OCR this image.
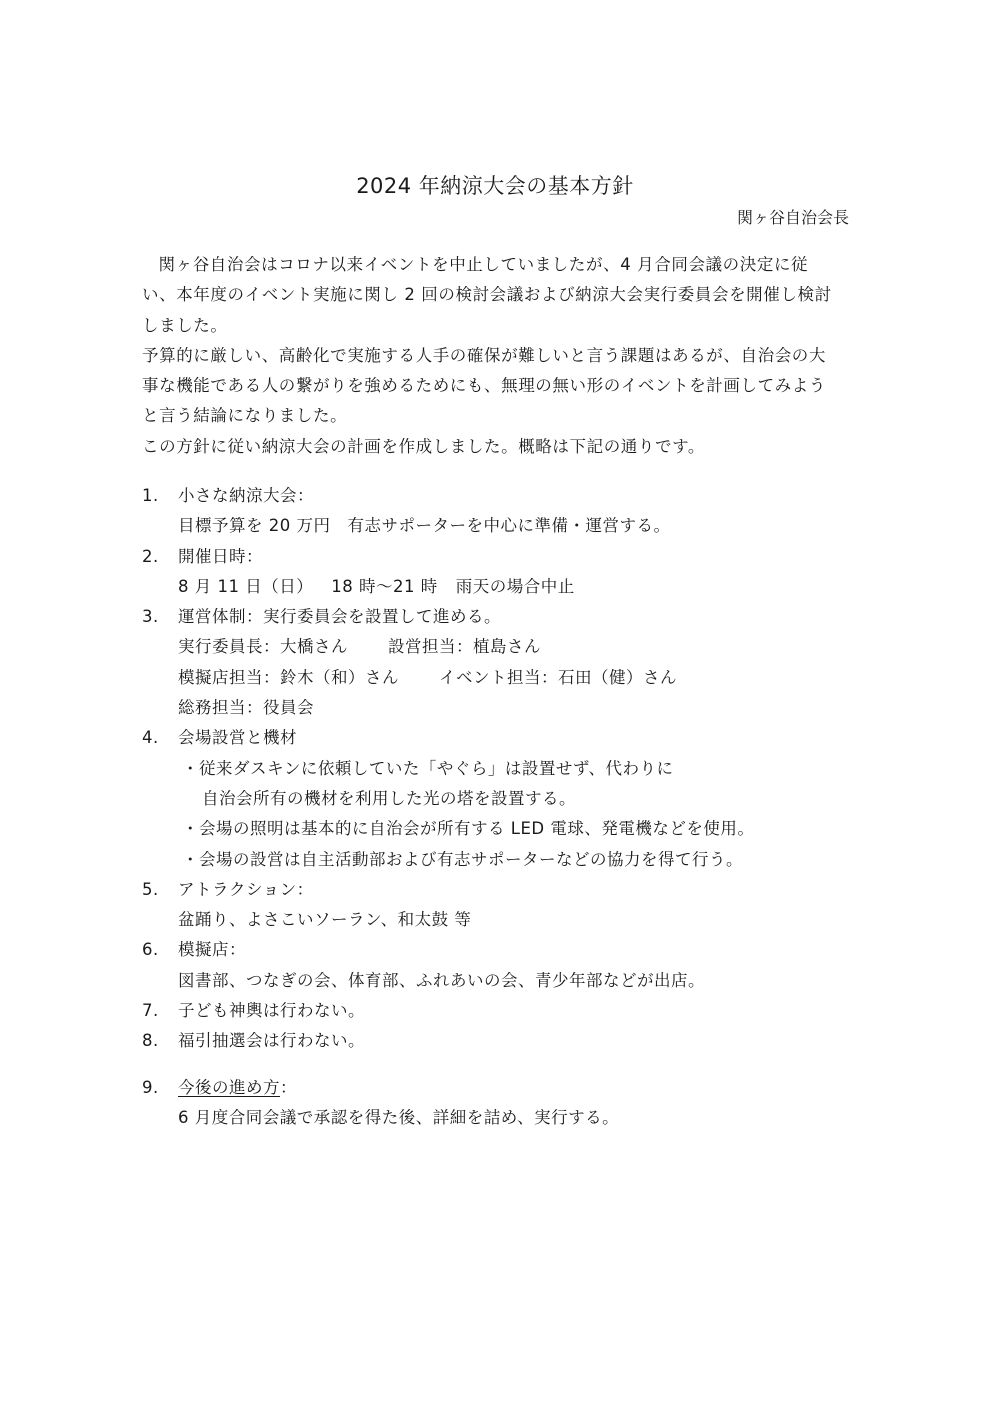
2024 年納涼大会の基本方針
関ヶ谷自治会長

関ヶ谷自治会はコロナ以来イベントを中止していましたが、4 月合同会議の決定に従い、本年度のイベント実施に関し 2 回の検討会議および納涼大会実行委員会を開催し検討しました。

予算的に厳しい、高齢化で実施する人手の確保が難しいと言う課題はあるが、自治会の大事な機能である人の繋がりを強めるためにも、無理の無い形のイベントを計画してみようと言う結論になりました。

この方針に従い納涼大会の計画を作成しました。概略は下記の通りです。

1. 小さな納涼大会：
目標予算を 20 万円　有志サポーターを中心に準備・運営する。
2. 開催日時：
8 月 11 日（日） 18 時～21 時 雨天の場合中止
3. 運営体制：実行委員会を設置して進める。
実行委員長：大橋さん 設営担当：植島さん
模擬店担当：鈴木（和）さん イベント担当：石田（健）さん
総務担当：役員会
4. 会場設営と機材
・従来ダスキンに依頼していた「やぐら」は設置せず、代わりに
自治会所有の機材を利用した光の塔を設置する。
・会場の照明は基本的に自治会が所有する LED 電球、発電機などを使用。
・会場の設営は自主活動部および有志サポーターなどの協力を得て行う。
5. アトラクション：
盆踊り、よさこいソーラン、和太鼓 等
6. 模擬店：
図書部、つなぎの会、体育部、ふれあいの会、青少年部などが出店。
7. 子ども神輿は行わない。
8. 福引抽選会は行わない。
9. 今後の進め方：
6 月度合同会議で承認を得た後、詳細を詰め、実行する。
